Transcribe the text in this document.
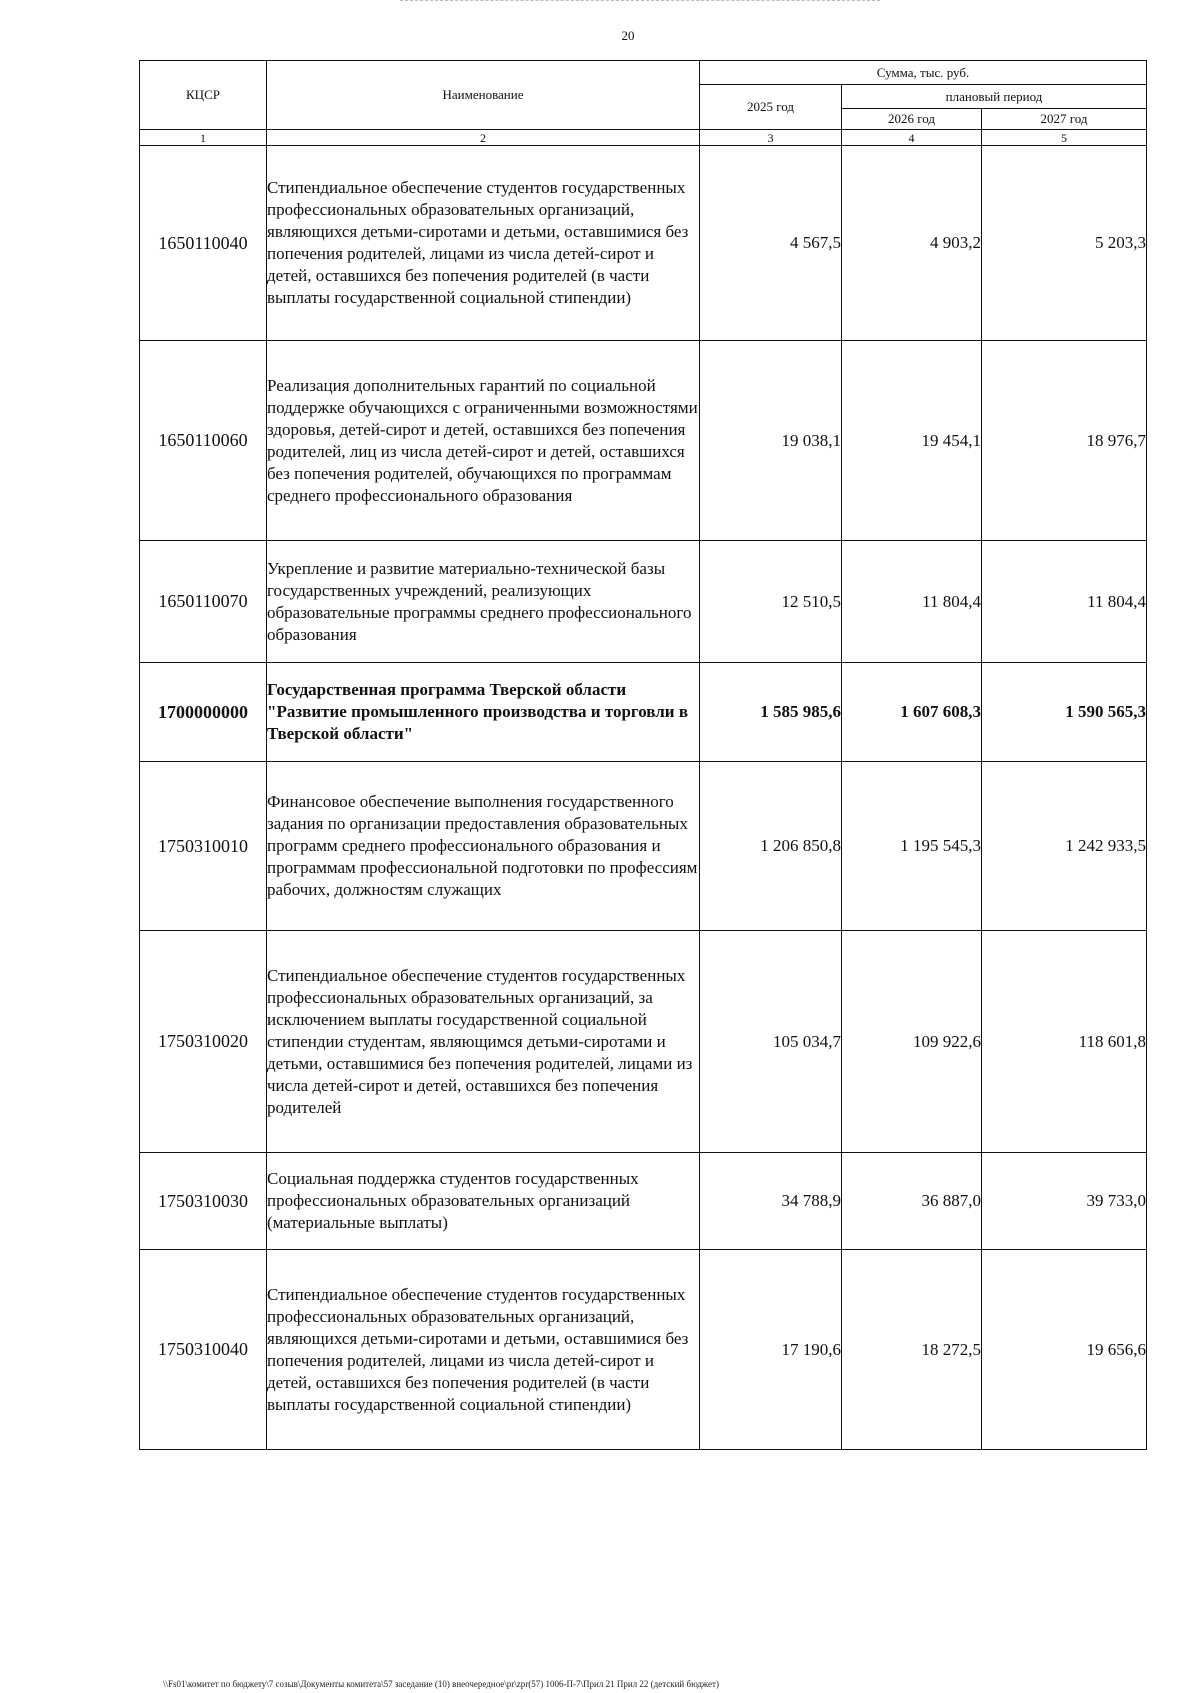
20
КЦСР	Наименование	Сумма, тыс. руб.		
		2025 год	плановый период	
			2026 год	2027 год
1	2	3	4	5
1650110040	Стипендиальное обеспечение студентов государственных профессиональных образовательных организаций, являющихся детьми-сиротами и детьми, оставшимися без попечения родителей, лицами из числа детей-сирот и детей, оставшихся без попечения родителей (в части выплаты государственной социальной стипендии)	4 567,5	4 903,2	5 203,3
1650110060	Реализация дополнительных гарантий по социальной поддержке обучающихся с ограниченными возможностями здоровья, детей-сирот и детей, оставшихся без попечения родителей, лиц из числа детей-сирот и детей, оставшихся без попечения родителей, обучающихся по программам среднего профессионального образования	19 038,1	19 454,1	18 976,7
1650110070	Укрепление и развитие материально-технической базы государственных учреждений, реализующих образовательные программы среднего профессионального образования	12 510,5	11 804,4	11 804,4
1700000000	Государственная программа Тверской области "Развитие промышленного производства и торговли в Тверской области"	1 585 985,6	1 607 608,3	1 590 565,3
1750310010	Финансовое обеспечение выполнения государственного задания по организации предоставления образовательных программ среднего профессионального образования и программам профессиональной подготовки по профессиям рабочих, должностям служащих	1 206 850,8	1 195 545,3	1 242 933,5
1750310020	Стипендиальное обеспечение студентов государственных профессиональных образовательных организаций, за исключением выплаты государственной социальной стипендии студентам, являющимся детьми-сиротами и детьми, оставшимися без попечения родителей, лицами из числа детей-сирот и детей, оставшихся без попечения родителей	105 034,7	109 922,6	118 601,8
1750310030	Социальная поддержка студентов государственных профессиональных образовательных организаций (материальные выплаты)	34 788,9	36 887,0	39 733,0
1750310040	Стипендиальное обеспечение студентов государственных профессиональных образовательных организаций, являющихся детьми-сиротами и детьми, оставшимися без попечения родителей, лицами из числа детей-сирот и детей, оставшихся без попечения родителей (в части выплаты государственной социальной стипендии)	17 190,6	18 272,5	19 656,6
\\Fs01\комитет по бюджету\7 созыв\Документы комитета\57 заседание (10) внеочередное\pr\zpr(57) 1006-П-7\Прил 21 Прил 22 (детский бюджет)
